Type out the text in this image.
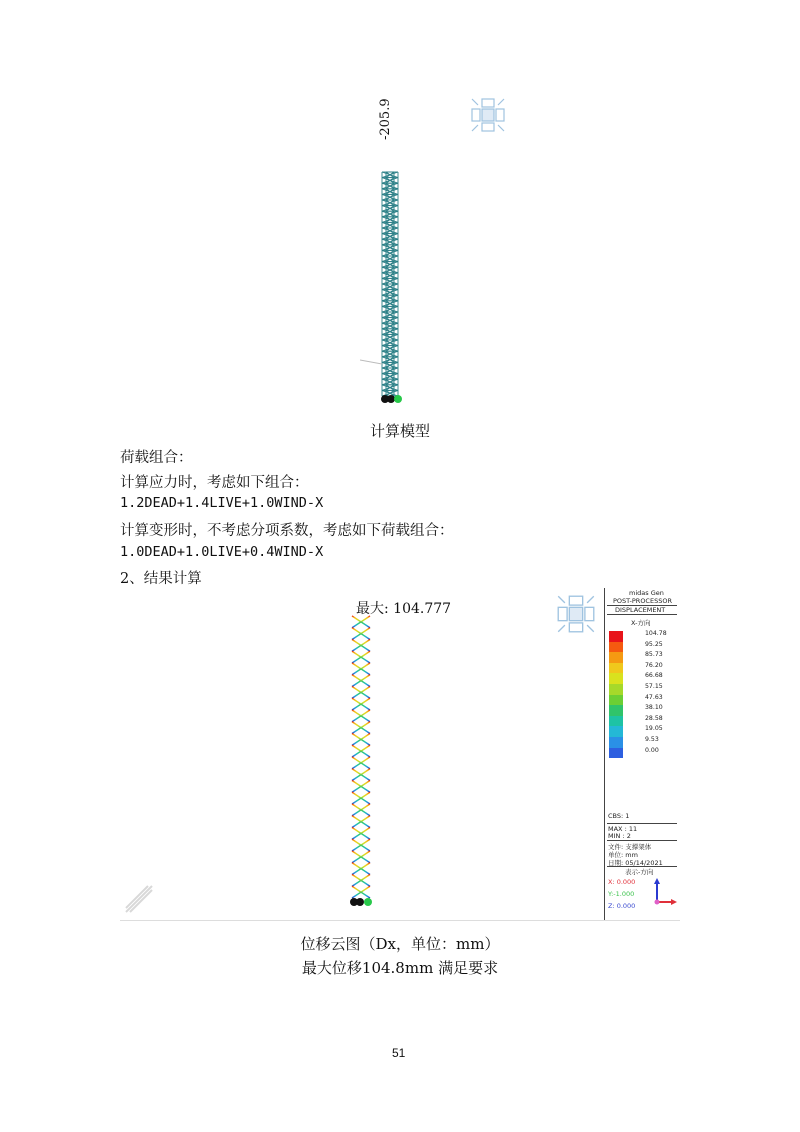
-205.9
计算模型
荷载组合：
计算应力时，考虑如下组合：
1.2DEAD+1.4LIVE+1.0WIND-X
计算变形时，不考虑分项系数，考虑如下荷载组合：
1.0DEAD+1.0LIVE+0.4WIND-X
2、结果计算
最大: 104.777
midas Gen
POST-PROCESSOR
DISPLACEMENT
X-方向
104.78
95.25
85.73
76.20
66.68
57.15
47.63
38.10
28.58
19.05
9.53
0.00
CBS: 1
MAX : 11
MIN : 2
文件: 支撑架体
单位: mm
日期: 05/14/2021
表示-方向
X: 0.000
Y:-1.000
Z: 0.000
位移云图（Dx，单位：mm）
最大位移104.8mm 满足要求
51
